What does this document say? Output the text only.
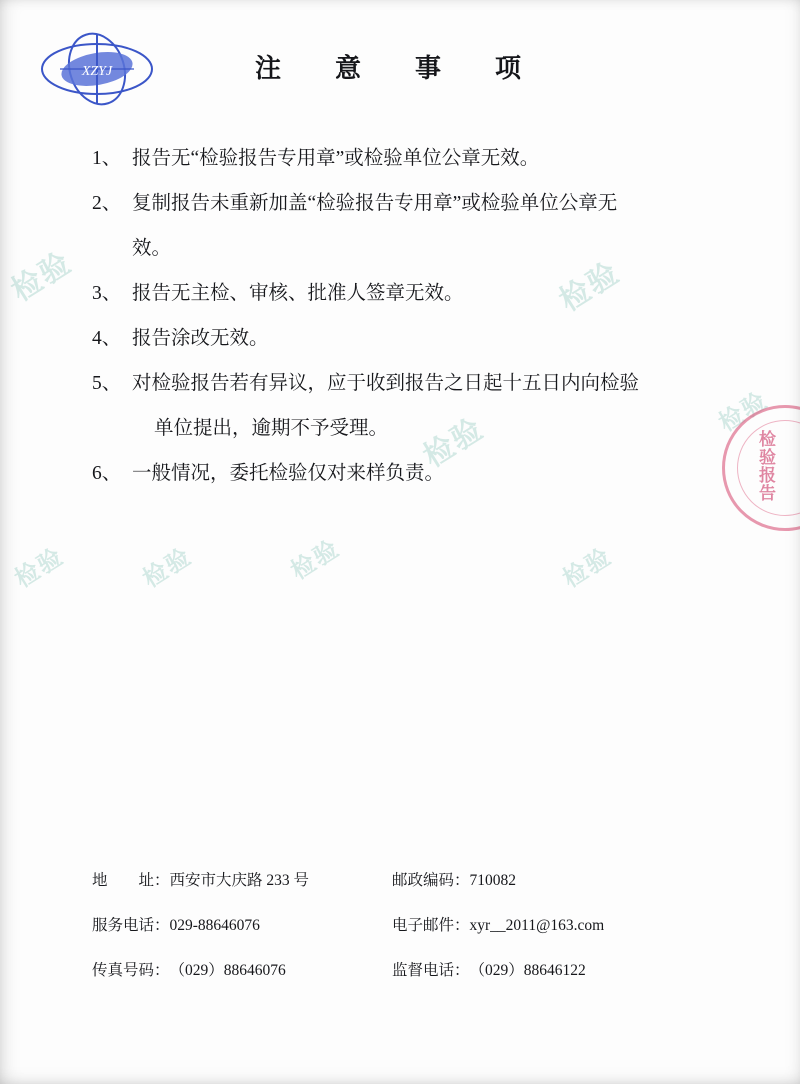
检验
检验	检验	检验
检验
检验
检验
检验
XZYJ	注　意　事　项
1、 报告无“检验报告专用章”或检验单位公章无效。
2、 复制报告未重新加盖“检验报告专用章”或检验单位公章无
效。
3、 报告无主检、审核、批准人签章无效。
4、 报告涂改无效。
5、 对检验报告若有异议，应于收到报告之日起十五日内向检验
单位提出，逾期不予受理。
6、 一般情况，委托检验仅对来样负责。	检验报告
地　　址： 西安市大庆路 233 号	邮政编码： 710082
服务电话： 029-88646076	电子邮件： xyr__2011@163.com
传真号码： （029）88646076	监督电话： （029）88646122
